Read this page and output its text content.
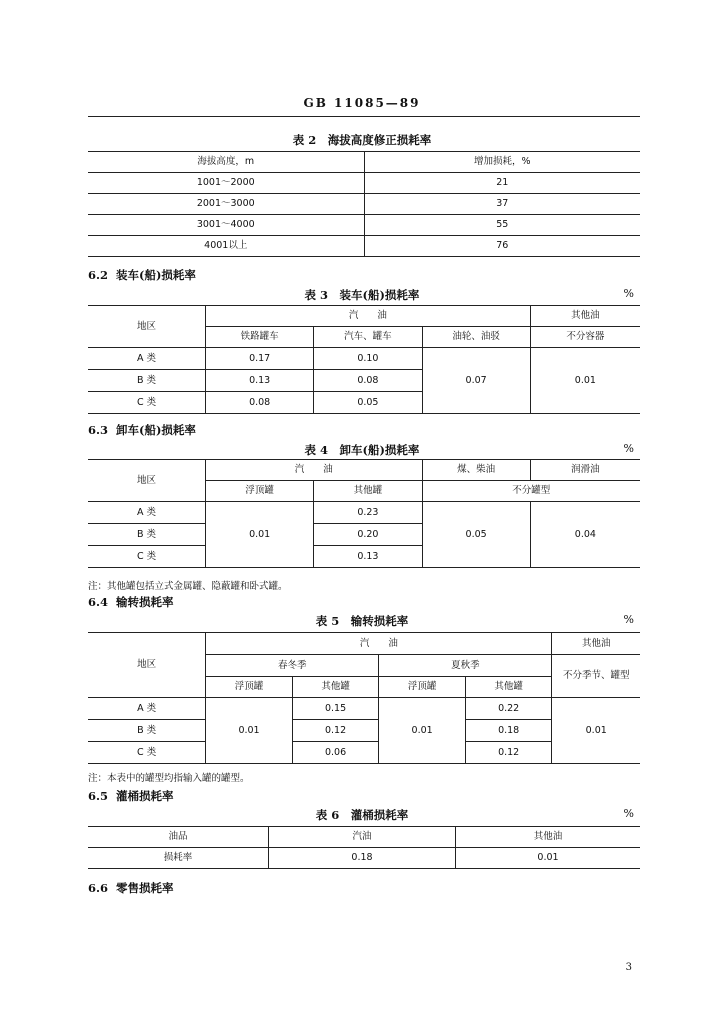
GB 11085—89
表 2　海拔高度修正损耗率
海拔高度，m	增加损耗，%
1001～2000	21
2001～3000	37
3001～4000	55
4001以上	76
6.2 装车(船)损耗率
表 3　装车(船)损耗率	%
地区	汽　　油			其他油
	铁路罐车	汽车、罐车	油轮、油驳	不分容器
A 类	0.17	0.10	0.07	0.01
B 类	0.13	0.08		
C 类	0.08	0.05		
6.3 卸车(船)损耗率
表 4　卸车(船)损耗率	%
地区	汽　　油		煤、柴油	润滑油
	浮顶罐	其他罐	不分罐型	
A 类	0.01	0.23	0.05	0.04
B 类		0.20		
C 类		0.13		
注：其他罐包括立式金属罐、隐蔽罐和卧式罐。
6.4 输转损耗率
表 5　输转损耗率	%
地区	汽　　油				其他油
	春冬季		夏秋季		不分季节、罐型
	浮顶罐	其他罐	浮顶罐	其他罐	
A 类	0.01	0.15	0.01	0.22	0.01
B 类		0.12		0.18	
C 类		0.06		0.12	
注：本表中的罐型均指输入罐的罐型。
6.5 灌桶损耗率
表 6　灌桶损耗率	%
油品	汽油	其他油
损耗率	0.18	0.01
6.6 零售损耗率
3
